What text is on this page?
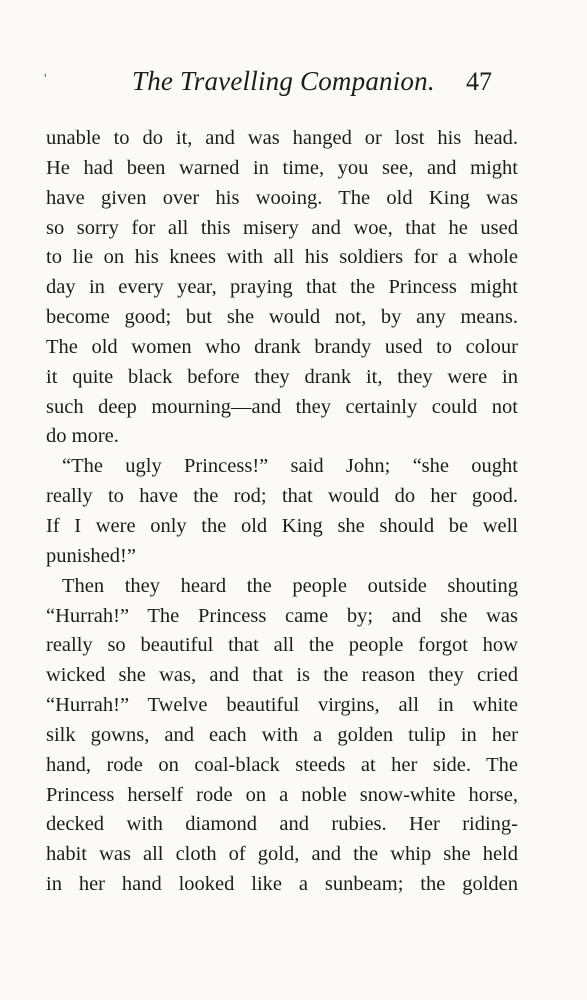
'	The Travelling Companion. 47
unable to do it, and was hanged or lost his head.
He had been warned in time, you see, and might
have given over his wooing. The old King was
so sorry for all this misery and woe, that he used
to lie on his knees with all his soldiers for a whole
day in every year, praying that the Princess might
become good; but she would not, by any means.
The old women who drank brandy used to colour
it quite black before they drank it, they were in
such deep mourning—and they certainly could not
do more.
“The ugly Princess!” said John; “she ought
really to have the rod; that would do her good.
If I were only the old King she should be well
punished!”
Then they heard the people outside shouting
“Hurrah!” The Princess came by; and she was
really so beautiful that all the people forgot how
wicked she was, and that is the reason they cried
“Hurrah!” Twelve beautiful virgins, all in white
silk gowns, and each with a golden tulip in her
hand, rode on coal-black steeds at her side. The
Princess herself rode on a noble snow-white horse,
decked with diamond and rubies. Her riding-
habit was all cloth of gold, and the whip she held
in her hand looked like a sunbeam; the golden
